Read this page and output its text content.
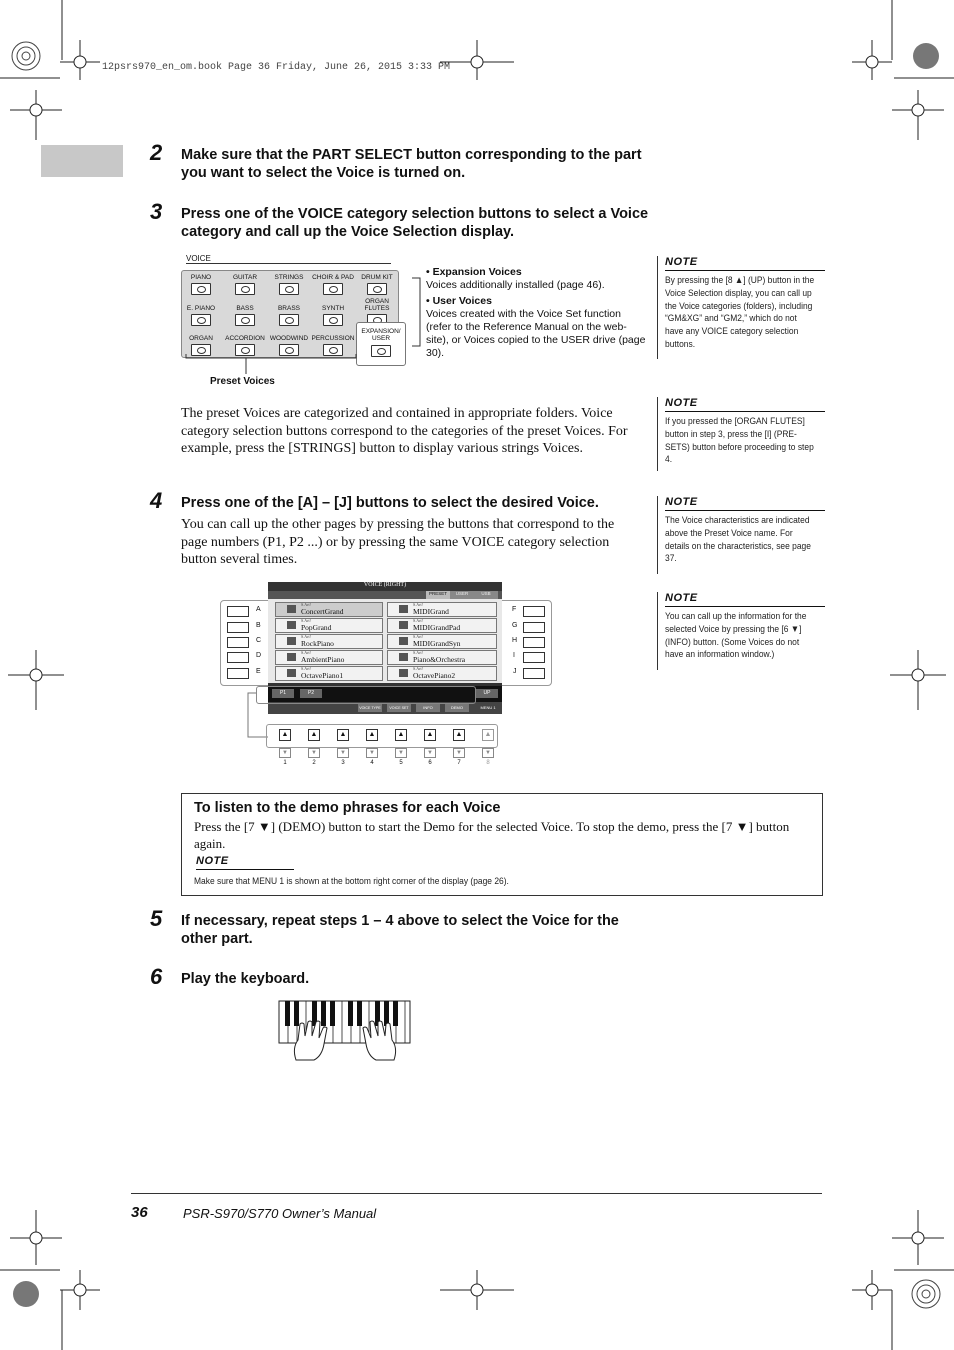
12psrs970_en_om.book Page 36 Friday, June 26, 2015 3:33 PM
2 Make sure that the PART SELECT button corresponding to the part you want to select the Voice is turned on.
3 Press one of the VOICE category selection buttons to select a Voice category and call up the Voice Selection display.
VOICE
PIANO	GUITAR	STRINGS	CHOIR & PAD	DRUM KIT
E. PIANO	BASS	BRASS	SYNTH
ORGAN FLUTES
ORGAN	ACCORDION WOODWIND PERCUSSION
EXPANSION/ USER
Preset Voices
• Expansion Voices
Voices additionally installed (page 46).
• User Voices
Voices created with the Voice Set function (refer to the Reference Manual on the web-site), or Voices copied to the USER drive (page 30).
The preset Voices are categorized and contained in appropriate folders. Voice category selection buttons correspond to the categories of the preset Voices. For example, press the [STRINGS] button to display various strings Voices.
4 Press one of the [A] – [J] buttons to select the desired Voice.
You can call up the other pages by pressing the buttons that correspond to the page numbers (P1, P2 ...) or by pressing the same VOICE category selection button several times.
VOICE (RIGHT)
PRESET	USER	USB
S.Art!
ConcertGrand
S.Art!
PopGrand
S.Art!
RockPiano
S.Art!
AmbientPiano
S.Art!
OctavePiano1
S.Art!
MIDIGrand
S.Art!
MIDIGrandPad
S.Art!
MIDIGrandSyn
S.Art!
Piano&Orchestra
S.Art!
OctavePiano2
P1	P2	UP
VOICE TYPE	VOICE SET	INFO	DEMO	MENU 1
A
B
C
D
E
F
G
H
I
J
▲	▲	▲	▲	▲	▲	▲	▲
▼	▼	▼	▼	▼	▼	▼	▼
1	2	3	4	5	6	7	8
NOTE
By pressing the [8 ▲] (UP) button in the Voice Selection display, you can call up the Voice categories (folders), including “GM&XG” and “GM2,” which do not have any VOICE category selection buttons.
NOTE
If you pressed the [ORGAN FLUTES] button in step 3, press the [I] (PRE-SETS) button before proceeding to step 4.
NOTE
The Voice characteristics are indicated above the Preset Voice name. For details on the characteristics, see page 37.
NOTE
You can call up the information for the selected Voice by pressing the [6 ▼] (INFO) button. (Some Voices do not have an information window.)
To listen to the demo phrases for each Voice
Press the [7 ▼] (DEMO) button to start the Demo for the selected Voice. To stop the demo, press the [7 ▼] button again.
NOTE
Make sure that MENU 1 is shown at the bottom right corner of the display (page 26).
5 If necessary, repeat steps 1 – 4 above to select the Voice for the other part.
6 Play the keyboard.
36	PSR-S970/S770 Owner’s Manual
